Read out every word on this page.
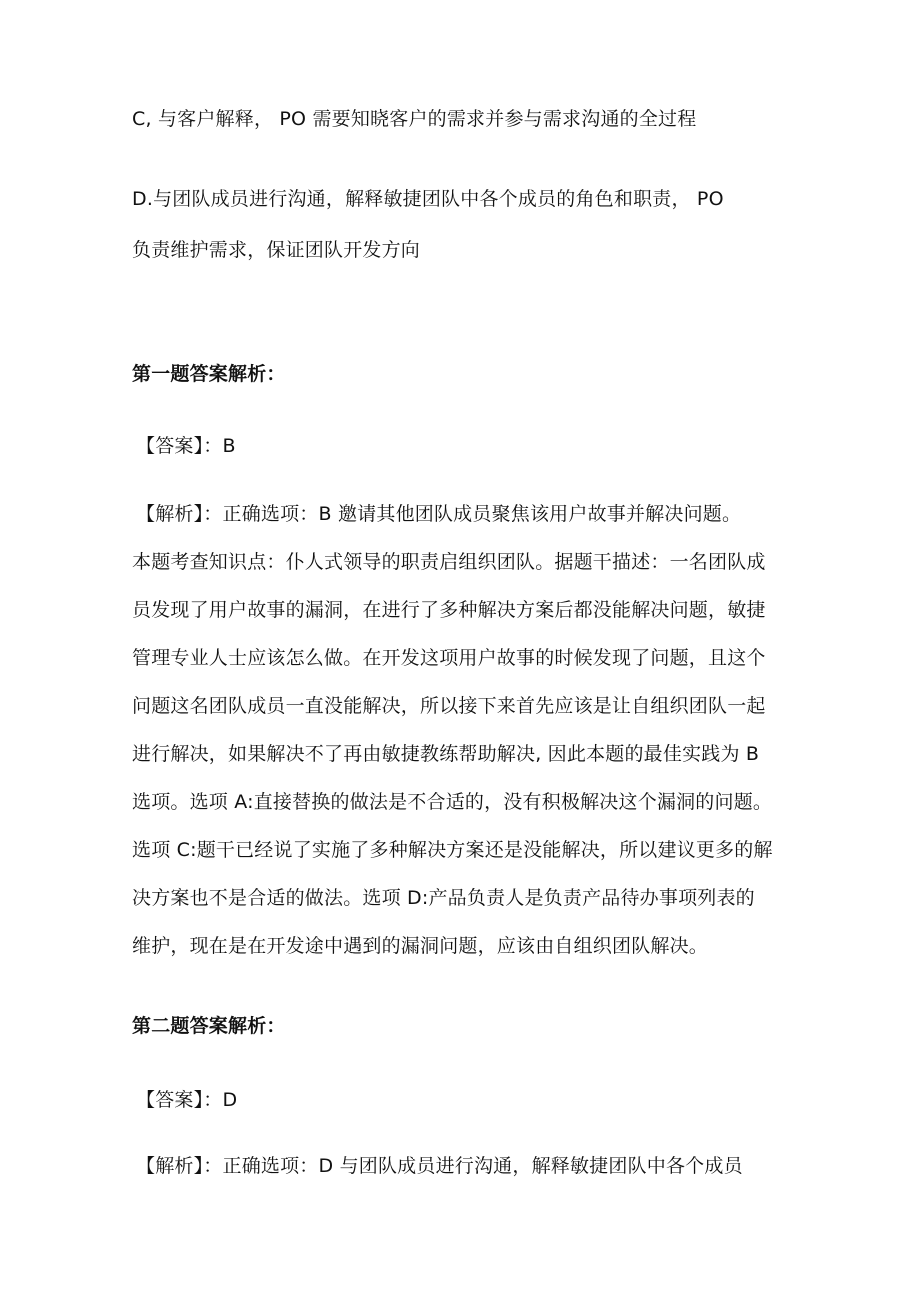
C, 与客户解释， PO 需要知晓客户的需求并参与需求沟通的全过程
D.与团队成员进行沟通，解释敏捷团队中各个成员的角色和职责， PO
负责维护需求，保证团队开发方向
第一题答案解析：
【答案】：B
【解析】：正确选项：B 邀请其他团队成员聚焦该用户故事并解决问题。
本题考查知识点：仆人式领导的职责启组织团队。据题干描述：一名团队成
员发现了用户故事的漏洞，在进行了多种解决方案后都没能解决问题，敏捷
管理专业人士应该怎么做。在开发这项用户故事的时候发现了问题，且这个
问题这名团队成员一直没能解决，所以接下来首先应该是让自组织团队一起
进行解决，如果解决不了再由敏捷教练帮助解决, 因此本题的最佳实践为 B
选项。选项 A:直接替换的做法是不合适的，没有积极解决这个漏洞的问题。
选项 C:题干已经说了实施了多种解决方案还是没能解决，所以建议更多的解
决方案也不是合适的做法。选项 D:产品负责人是负责产品待办事项列表的
维护，现在是在开发途中遇到的漏洞问题，应该由自组织团队解决。
第二题答案解析：
【答案】：D
【解析】：正确选项：D 与团队成员进行沟通，解释敏捷团队中各个成员
